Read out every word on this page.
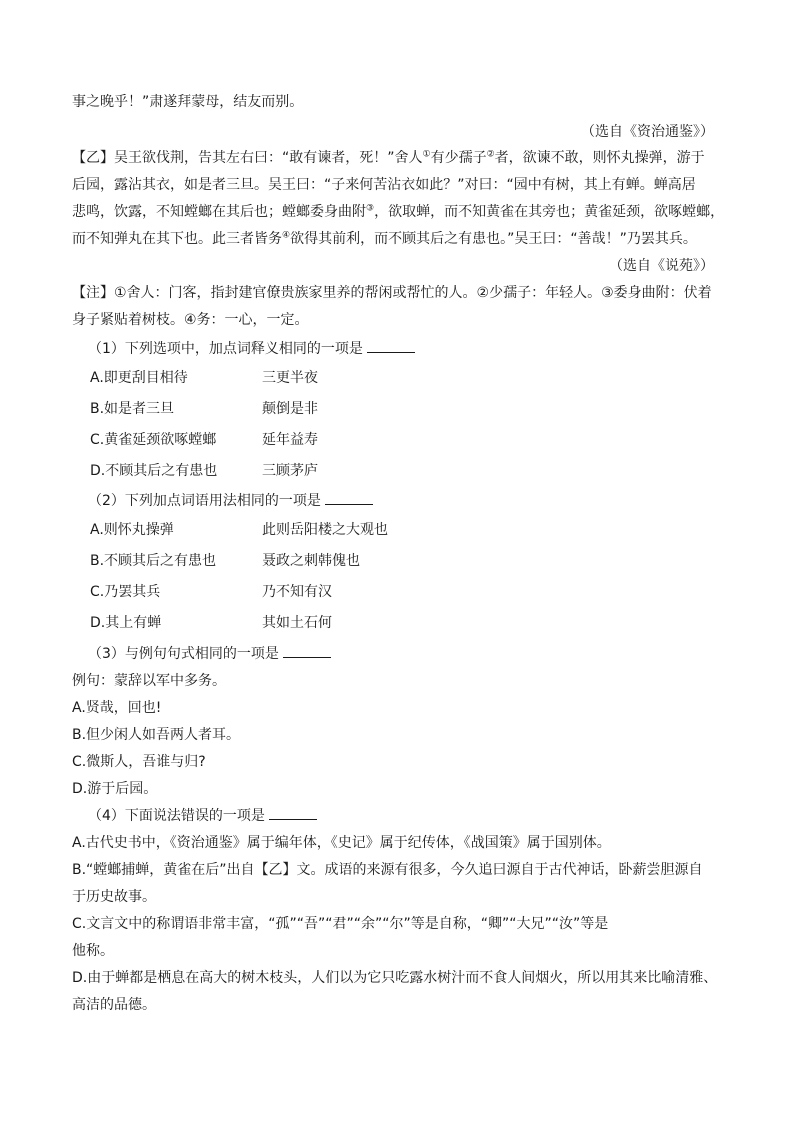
事之晚乎！”肃遂拜蒙母，结友而别。
（选自《资治通鉴》）
【乙】吴王欲伐荆，告其左右曰：“敢有谏者，死！”舍人①有少孺子②者，欲谏不敢，则怀丸操弹，游于
后园，露沾其衣，如是者三旦。吴王曰：“子来何苦沾衣如此？”对曰：“园中有树，其上有蝉。蝉高居
悲鸣，饮露，不知螳螂在其后也；螳螂委身曲附③，欲取蝉，而不知黄雀在其旁也；黄雀延颈，欲啄螳螂，
而不知弹丸在其下也。此三者皆务④欲得其前利，而不顾其后之有患也。”吴王曰：“善哉！”乃罢其兵。
（选自《说苑》）
【注】①舍人：门客，指封建官僚贵族家里养的帮闲或帮忙的人。②少孺子：年轻人。③委身曲附：伏着
身子紧贴着树枝。④务：一心，一定。
（1）下列选项中，加点词释义相同的一项是
A.即更刮目相待	三更半夜
B.如是者三旦	颠倒是非
C.黄雀延颈欲啄螳螂	延年益寿
D.不顾其后之有患也	三顾茅庐
（2）下列加点词语用法相同的一项是
A.则怀丸操弹	此则岳阳楼之大观也
B.不顾其后之有患也	聂政之刺韩傀也
C.乃罢其兵	乃不知有汉
D.其上有蝉	其如土石何
（3）与例句句式相同的一项是
例句：蒙辞以军中多务。
A.贤哉，回也!
B.但少闲人如吾两人者耳。
C.微斯人，吾谁与归?
D.游于后园。
（4）下面说法错误的一项是
A.古代史书中，《资治通鉴》属于编年体，《史记》属于纪传体，《战国策》属于国别体。
B.“螳螂捕蝉，黄雀在后”出自【乙】文。成语的来源有很多，今久追曰源自于古代神话，卧薪尝胆源自
于历史故事。
C.文言文中的称谓语非常丰富，“孤”“吾”“君”“余”“尔”等是自称，“卿”“大兄”“汝”等是
他称。
D.由于蝉都是栖息在高大的树木枝头，人们以为它只吃露水树汁而不食人间烟火，所以用其来比喻清雅、
高洁的品德。
